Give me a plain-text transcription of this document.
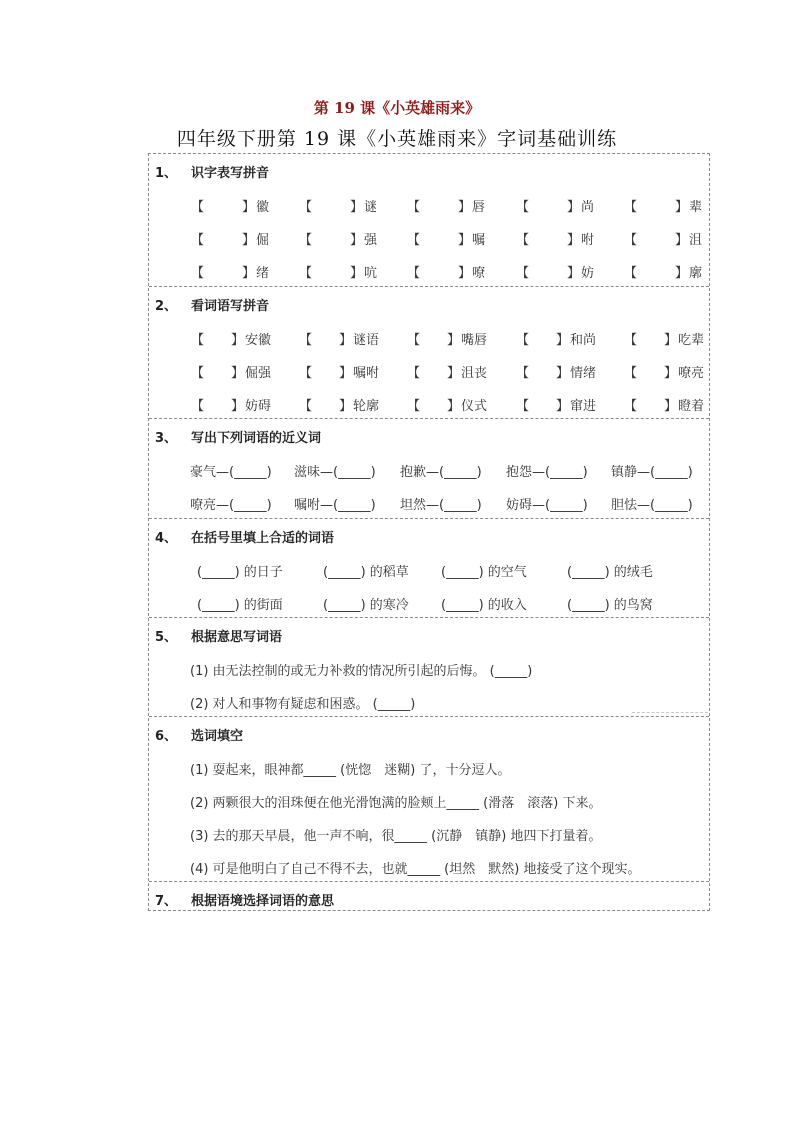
第 19 课《小英雄雨来》
四年级下册第 19 课《小英雄雨来》字词基础训练
1、 识字表写拼音
【	】 徽 【	】 谜 【	】 唇 【	】 尚 【	】 辈
【	】 倔 【	】 强 【	】 嘱 【	】 咐 【	】 沮
【	】 绪 【	】 吭 【	】 嘹 【	】 妨 【	】 廓
2、 看词语写拼音
【 】 安徽 【 】 谜语 【 】 嘴唇 【 】 和尚 【 】 吃辈
【 】 倔强 【 】 嘱咐 【 】 沮丧 【 】 情绪 【 】 嘹亮
【 】 妨碍 【 】 轮廓 【 】 仪式 【 】 窜进 【 】 瞪着
3、 写出下列词语的近义词
豪气—(_____) 滋味—(_____) 抱歉—(_____) 抱怨—(_____) 镇静—(_____)
嘹亮—(_____) 嘱咐—(_____) 坦然—(_____) 妨碍—(_____) 胆怯—(_____)
4、 在括号里填上合适的词语
(_____) 的日子	(_____) 的稻草 (_____) 的空气	(_____) 的绒毛
(_____) 的街面	(_____) 的寒冷 (_____) 的收入	(_____) 的鸟窝
5、 根据意思写词语
(1) 由无法控制的或无力补救的情况所引起的后悔。 (_____)
(2) 对人和事物有疑虑和困惑。 (_____)
6、 选词填空
(1) 耍起来，眼神都_____ (恍惚　迷糊) 了，十分逗人。
(2) 两颗很大的泪珠便在他光滑饱满的脸颊上_____ (滑落　滚落) 下来。
(3) 去的那天早晨，他一声不响，很_____ (沉静　镇静) 地四下打量着。
(4) 可是他明白了自己不得不去，也就_____ (坦然　默然) 地接受了这个现实。
7、 根据语境选择词语的意思
